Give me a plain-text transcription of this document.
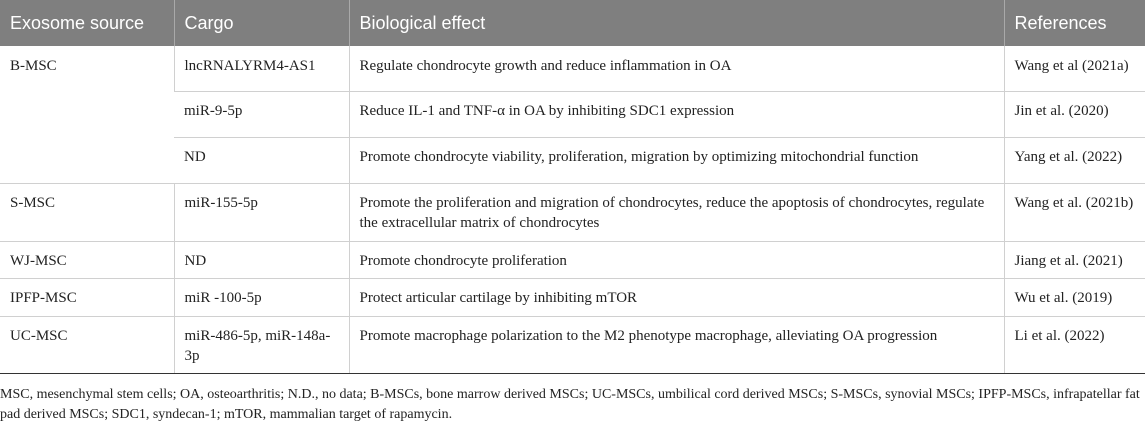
Exosome source	Cargo	Biological effect	References
B-MSC	lncRNALYRM4-AS1	Regulate chondrocyte growth and reduce inflammation in OA	Wang et al (2021a)
	miR-9-5p	Reduce IL-1 and TNF-α in OA by inhibiting SDC1 expression	Jin et al. (2020)
	ND	Promote chondrocyte viability, proliferation, migration by optimizing mitochondrial function	Yang et al. (2022)
S-MSC	miR-155-5p	Promote the proliferation and migration of chondrocytes, reduce the apoptosis of chondrocytes, regulate the extracellular matrix of chondrocytes	Wang et al. (2021b)
WJ-MSC	ND	Promote chondrocyte proliferation	Jiang et al. (2021)
IPFP-MSC	miR -100-5p	Protect articular cartilage by inhibiting mTOR	Wu et al. (2019)
UC-MSC	miR-486-5p, miR-148a-3p	Promote macrophage polarization to the M2 phenotype macrophage, alleviating OA progression	Li et al. (2022)
MSC, mesenchymal stem cells; OA, osteoarthritis; N.D., no data; B-MSCs, bone marrow derived MSCs; UC-MSCs, umbilical cord derived MSCs; S-MSCs, synovial MSCs; IPFP-MSCs, infrapatellar fat pad derived MSCs; SDC1, syndecan-1; mTOR, mammalian target of rapamycin.
